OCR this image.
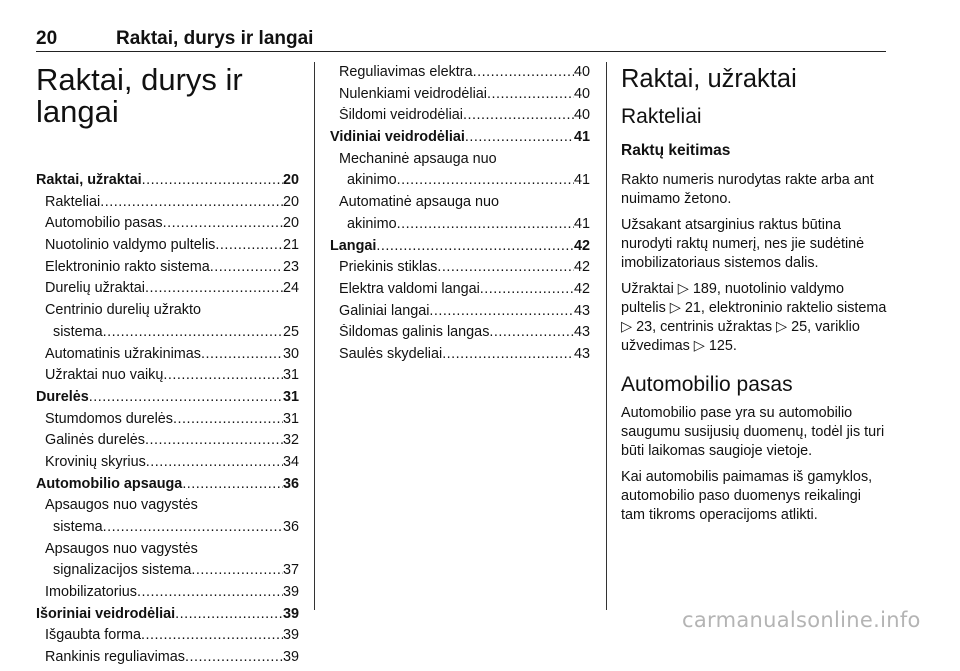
20	Raktai, durys ir langai
Raktai, durys ir langai
Raktai, užraktai .....	20
Rakteliai .....	20
Automobilio pasas .....	20
Nuotolinio valdymo pultelis .....	21
Elektroninio rakto sistema .....	23
Durelių užraktai .....	24
Centrinio durelių užrakto
sistema .....	25
Automatinis užrakinimas .....	30
Užraktai nuo vaikų .....	31
Durelės .....	31
Stumdomos durelės .....	31
Galinės durelės .....	32
Krovinių skyrius .....	34
Automobilio apsauga .....	36
Apsaugos nuo vagystės
sistema .....	36
Apsaugos nuo vagystės
signalizacijos sistema .....	37
Imobilizatorius .....	39
Išoriniai veidrodėliai .....	39
Išgaubta forma .....	39
Rankinis reguliavimas .....	39
Reguliavimas elektra .....	40
Nulenkiami veidrodėliai .....	40
Šildomi veidrodėliai .....	40
Vidiniai veidrodėliai .....	41
Mechaninė apsauga nuo
akinimo .....	41
Automatinė apsauga nuo
akinimo .....	41
Langai .....	42
Priekinis stiklas .....	42
Elektra valdomi langai .....	42
Galiniai langai .....	43
Šildomas galinis langas .....	43
Saulės skydeliai .....	43
Raktai, užraktai
Rakteliai
Raktų keitimas

Rakto numeris nurodytas rakte arba ant nuimamo žetono.

Užsakant atsarginius raktus būtina nurodyti raktų numerį, nes jie sudėtinė imobilizatoriaus sistemos dalis.

Užraktai ▷ 189, nuotolinio valdymo pultelis ▷ 21, elektroninio raktelio sistema ▷ 23, centrinis užraktas ▷ 25, variklio užvedimas ▷ 125.

Automobilio pasas

Automobilio pase yra su automobilio saugumu susijusių duomenų, todėl jis turi būti laikomas saugioje vietoje.

Kai automobilis paimamas iš gamyklos, automobilio paso duomenys reikalingi tam tikroms operacijoms atlikti.

carmanualsonline.info
